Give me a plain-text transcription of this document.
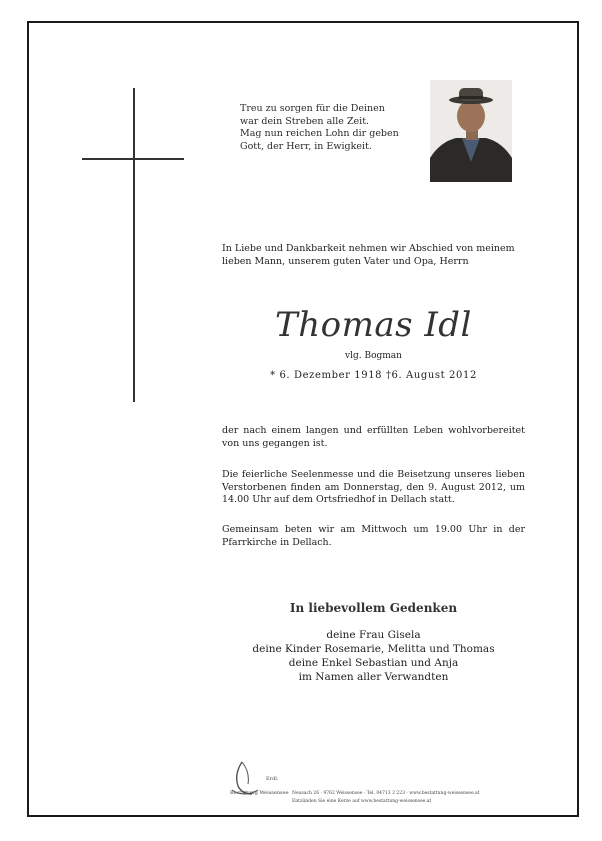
Treu zu sorgen für die Deinen
war dein Streben alle Zeit.
Mag nun reichen Lohn dir geben
Gott, der Herr, in Ewigkeit.
In Liebe und Dankbarkeit nehmen wir Abschied von meinem lieben Mann, unserem guten Vater und Opa, Herrn
Thomas Idl
vlg. Bogman
* 6. Dezember 1918 †6. August 2012
der nach einem langen und erfüllten Leben wohlvorbereitet von uns gegangen ist.
Die feierliche Seelenmesse und die Beisetzung unseres lieben Verstorbenen finden am Donnerstag, den 9. August 2012, um 14.00 Uhr auf dem Ortsfriedhof in Dellach statt.
Gemeinsam beten wir am Mittwoch um 19.00 Uhr in der Pfarrkirche in Dellach.
In liebevollem Gedenken
deine Frau Gisela
deine Kinder Rosemarie, Melitta und Thomas
deine Enkel Sebastian und Anja
im Namen aller Verwandten
Erdl.
Bestattung Weissensee Neusach 26 · 9762 Weissensee · Tel. 04713 2 223 · www.bestattung-weissensee.at
Entzünden Sie eine Kerze auf www.bestattung-weissensee.at
